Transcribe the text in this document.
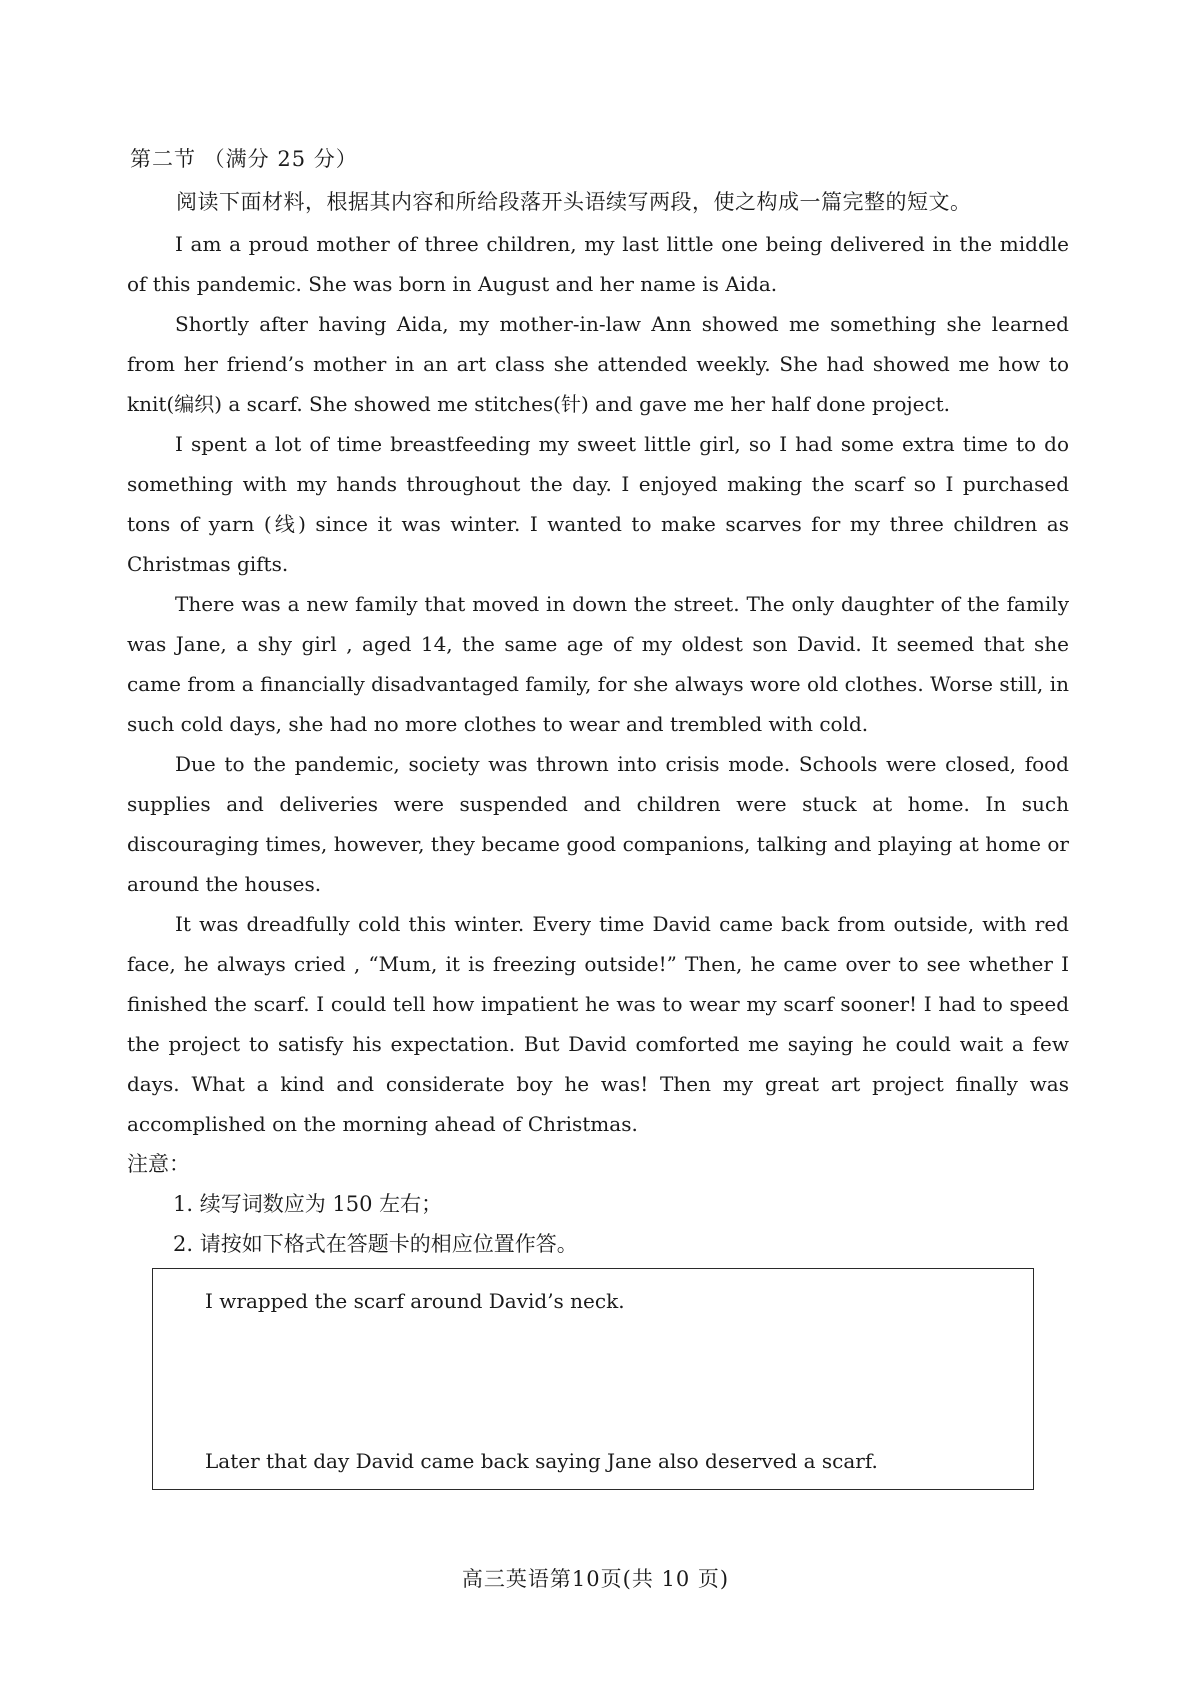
第二节 （满分 25 分）
阅读下面材料，根据其内容和所给段落开头语续写两段，使之构成一篇完整的短文。

I am a proud mother of three children, my last little one being delivered in the middle of this pandemic. She was born in August and her name is Aida.

Shortly after having Aida, my mother-in-law Ann showed me something she learned from her friend’s mother in an art class she attended weekly. She had showed me how to knit(编织) a scarf. She showed me stitches(针) and gave me her half done project.

I spent a lot of time breastfeeding my sweet little girl, so I had some extra time to do something with my hands throughout the day. I enjoyed making the scarf so I purchased tons of yarn (线) since it was winter. I wanted to make scarves for my three children as Christmas gifts.

There was a new family that moved in down the street. The only daughter of the family was Jane, a shy girl , aged 14, the same age of my oldest son David. It seemed that she came from a financially disadvantaged family, for she always wore old clothes. Worse still, in such cold days, she had no more clothes to wear and trembled with cold.

Due to the pandemic, society was thrown into crisis mode. Schools were closed, food supplies and deliveries were suspended and children were stuck at home. In such discouraging times, however, they became good companions, talking and playing at home or around the houses.

It was dreadfully cold this winter. Every time David came back from outside, with red face, he always cried , “Mum, it is freezing outside!” Then, he came over to see whether I finished the scarf. I could tell how impatient he was to wear my scarf sooner! I had to speed the project to satisfy his expectation. But David comforted me saying he could wait a few days. What a kind and considerate boy he was! Then my great art project finally was accomplished on the morning ahead of Christmas.

注意：
1. 续写词数应为 150 左右；
2. 请按如下格式在答题卡的相应位置作答。
I wrapped the scarf around David’s neck.
Later that day David came back saying Jane also deserved a scarf.
高三英语第10页(共 10 页)
